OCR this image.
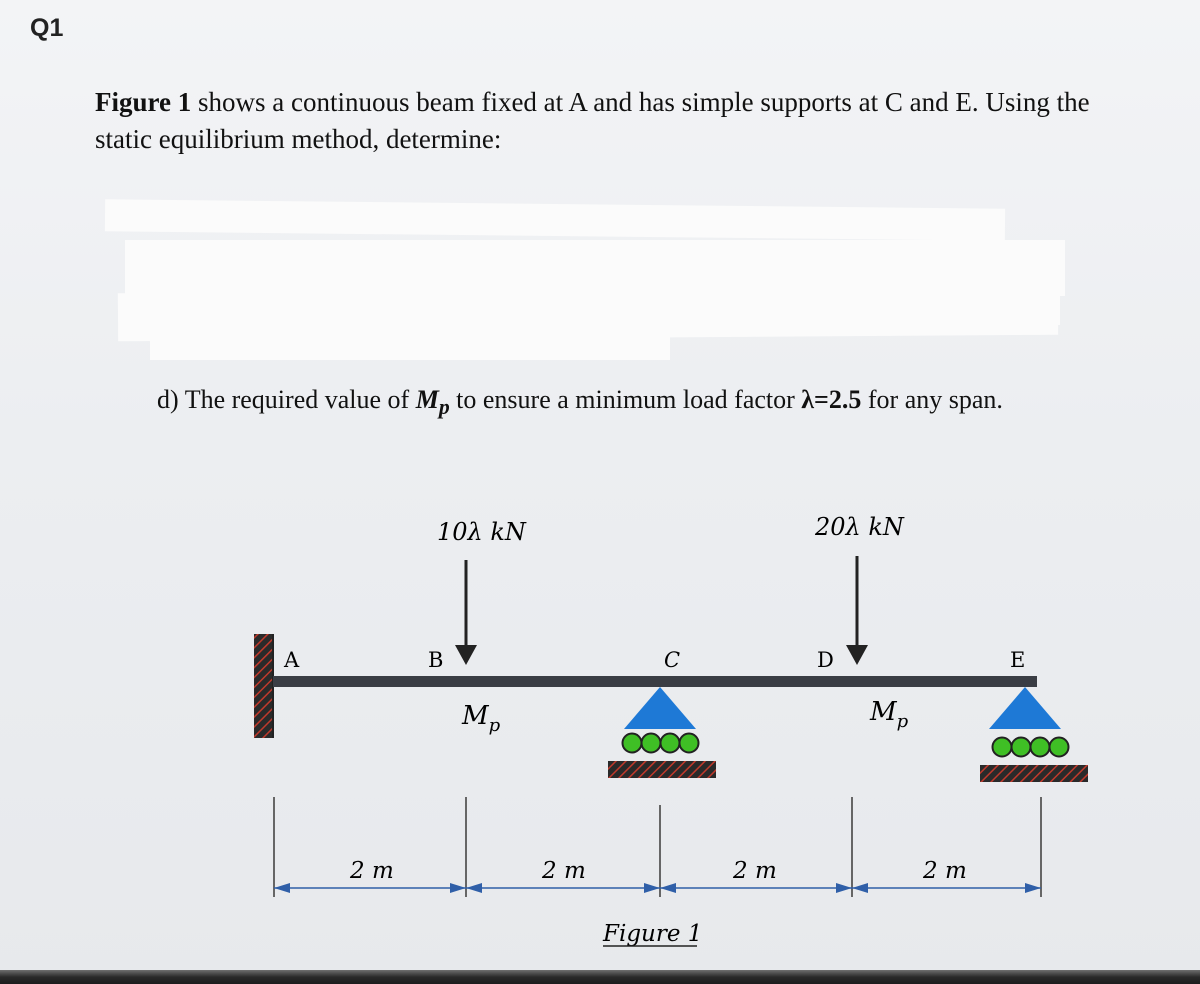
Q1
Figure 1 shows a continuous beam fixed at A and has simple supports at C and E. Using the
static equilibrium method, determine:
d) The required value of $M_p$ to ensure a minimum load factor λ=2.5 for any span.
A	B	C	D	E
10λ kN	20λ kN
$M_p$	$M_p$
2 m	2 m	2 m	2 m
Figure 1
